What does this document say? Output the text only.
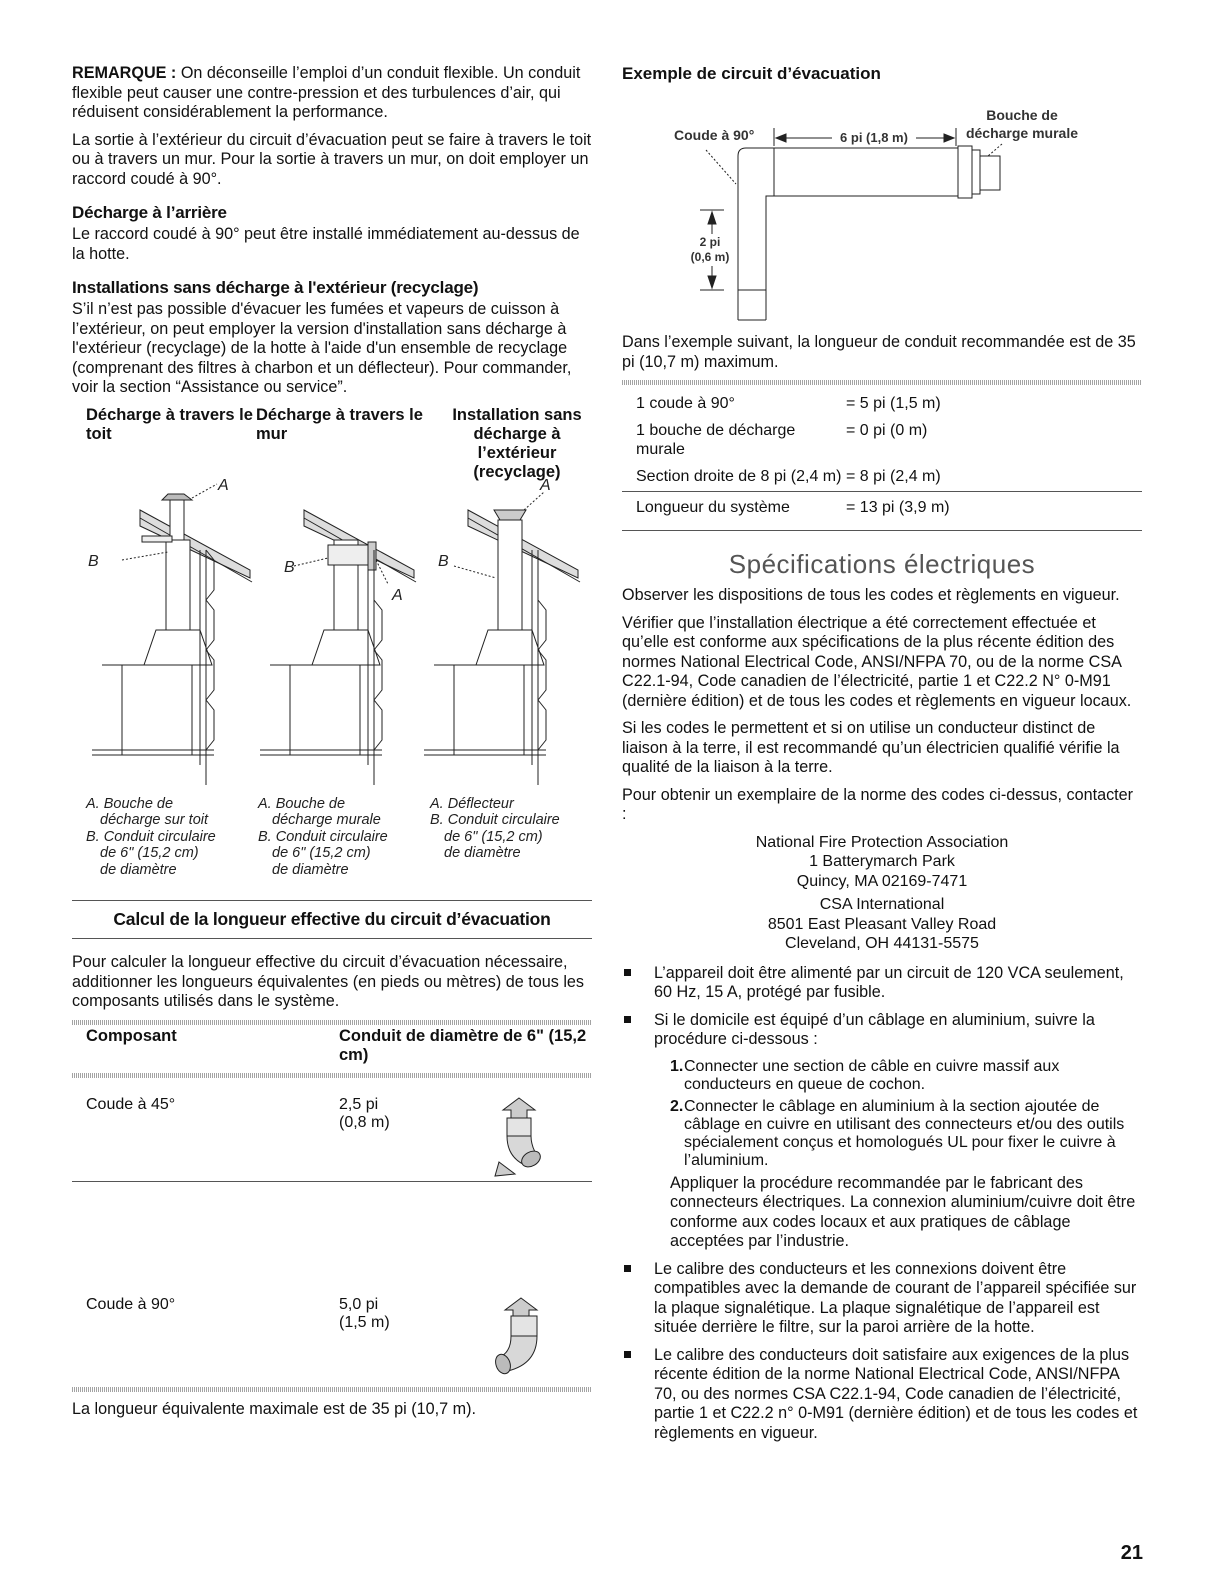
REMARQUE : On déconseille l’emploi d’un conduit flexible. Un conduit flexible peut causer une contre-pression et des turbulences d’air, qui réduisent considérablement la performance.

La sortie à l’extérieur du circuit d’évacuation peut se faire à travers le toit ou à travers un mur. Pour la sortie à travers un mur, on doit employer un raccord coudé à 90°.

Décharge à l’arrière

Le raccord coudé à 90° peut être installé immédiatement au-dessus de la hotte.

Installations sans décharge à l'extérieur (recyclage)

S’il n’est pas possible d'évacuer les fumées et vapeurs de cuisson à l’extérieur, on peut employer la version d'installation sans décharge à l'extérieur (recyclage) de la hotte à l'aide d'un ensemble de recyclage (comprenant des filtres à charbon et un déflecteur). Pour commander, voir la section “Assistance ou service”.

Décharge à travers le toit
Décharge à travers le mur
Installation sans décharge à l’extérieur (recyclage)
B
A
B
A
B
A
A. Bouche de
décharge sur toit
B. Conduit circulaire
de 6" (15,2 cm)
de diamètre
A. Bouche de
décharge murale
B. Conduit circulaire
de 6" (15,2 cm)
de diamètre
A. Déflecteur
B. Conduit circulaire
de 6" (15,2 cm)
de diamètre
Calcul de la longueur effective du circuit d’évacuation

Pour calculer la longueur effective du circuit d’évacuation nécessaire, additionner les longueurs équivalentes (en pieds ou mètres) de tous les composants utilisés dans le système.

Composant	Conduit de diamètre de 6" (15,2 cm)	

Coude à 45°	2,5 pi
(0,8 m)

Coude à 90°	5,0 pi
(1,5 m)

La longueur équivalente maximale est de 35 pi (10,7 m).

Exemple de circuit d’évacuation
Coude à 90°
Bouche de
décharge murale
6 pi (1,8 m)
2 pi
(0,6 m)

Dans l’exemple suivant, la longueur de conduit recommandée est de 35 pi (10,7 m) maximum.

1 coude à 90°	= 5 pi (1,5 m)
1 bouche de décharge murale	= 0 pi (0 m)
Section droite de 8 pi (2,4 m)	= 8 pi (2,4 m)

Longueur du système	= 13 pi (3,9 m)

Spécifications électriques

Observer les dispositions de tous les codes et règlements en vigueur.

Vérifier que l’installation électrique a été correctement effectuée et qu’elle est conforme aux spécifications de la plus récente édition des normes National Electrical Code, ANSI/NFPA 70, ou de la norme CSA C22.1-94, Code canadien de l’électricité, partie 1 et C22.2 N° 0-M91 (dernière édition) et de tous les codes et règlements en vigueur locaux.

Si les codes le permettent et si on utilise un conducteur distinct de liaison à la terre, il est recommandé qu’un électricien qualifié vérifie la qualité de la liaison à la terre.

Pour obtenir un exemplaire de la norme des codes ci-dessus, contacter :

National Fire Protection Association

1 Batterymarch Park

Quincy, MA 02169-7471

CSA International

8501 East Pleasant Valley Road

Cleveland, OH 44131-5575

L’appareil doit être alimenté par un circuit de 120 VCA seulement, 60 Hz, 15 A, protégé par fusible.

Si le domicile est équipé d’un câblage en aluminium, suivre la procédure ci-dessous :

1. Connecter une section de câble en cuivre massif aux conducteurs en queue de cochon.
2. Connecter le câblage en aluminium à la section ajoutée de câblage en cuivre en utilisant des connecteurs et/ou des outils spécialement conçus et homologués UL pour fixer le cuivre à l’aluminium.

Appliquer la procédure recommandée par le fabricant des connecteurs électriques. La connexion aluminium/cuivre doit être conforme aux codes locaux et aux pratiques de câblage acceptées par l’industrie.

Le calibre des conducteurs et les connexions doivent être compatibles avec la demande de courant de l’appareil spécifiée sur la plaque signalétique. La plaque signalétique de l’appareil est située derrière le filtre, sur la paroi arrière de la hotte.

Le calibre des conducteurs doit satisfaire aux exigences de la plus récente édition de la norme National Electrical Code, ANSI/NFPA 70, ou des normes CSA C22.1-94, Code canadien de l’électricité, partie 1 et C22.2 n° 0-M91 (dernière édition) et de tous les codes et règlements en vigueur.

21
